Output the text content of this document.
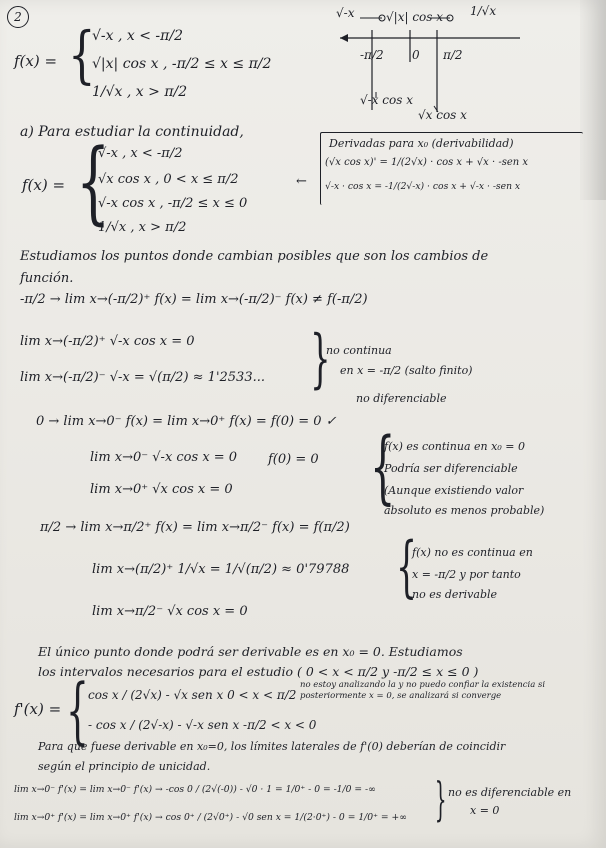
2
f(x) = {
√-x , x < -π/2
√|x| cos x , -π/2 ≤ x ≤ π/2
1/√x , x > π/2
√-x	√|x| cos x 1/√x
-π/2 0 π/2
√-x cos x
√x cos x
a) Para estudiar la continuidad,
f(x) = {
√-x , x < -π/2
√x cos x , 0 < x ≤ π/2
√-x cos x , -π/2 ≤ x ≤ 0
1/√x , x > π/2
Derivadas para x₀ (derivabilidad)
(√x cos x)' = 1/(2√x) · cos x + √x · -sen x
√-x · cos x = -1/(2√-x) · cos x + √-x · -sen x
←
Estudiamos los puntos donde cambian posibles que son los cambios de función.
-π/2 → lim x→(-π/2)⁺ f(x) = lim x→(-π/2)⁻ f(x) ≠ f(-π/2)
lim x→(-π/2)⁺ √-x cos x = 0
lim x→(-π/2)⁻ √-x = √(π/2) ≈ 1'2533... {
no continua
en x = -π/2 (salto finito)
no diferenciable
0 → lim x→0⁻ f(x) = lim x→0⁺ f(x) = f(0) = 0 ✓
lim x→0⁻ √-x cos x = 0 f(0) = 0
lim x→0⁺ √x cos x = 0 {
f(x) es continua en x₀ = 0
Podría ser diferenciable
(Aunque existiendo valor
absoluto es menos probable)
π/2 → lim x→π/2⁺ f(x) = lim x→π/2⁻ f(x) = f(π/2)
lim x→(π/2)⁺ 1/√x = 1/√(π/2) ≈ 0'79788
lim x→π/2⁻ √x cos x = 0
{
f(x) no es continua en
x = -π/2 y por tanto
no es derivable
El único punto donde podrá ser derivable es en x₀ = 0. Estudiamos
los intervalos necesarios para el estudio ( 0 < x < π/2 y -π/2 ≤ x ≤ 0 )
f'(x) = { cos x / (2√x) - √x sen x 0 < x < π/2
- cos x / (2√-x) - √-x sen x -π/2 < x < 0
no estoy analizando la y no puedo confiar la existencia si posteriormente x = 0, se analizará si converge
Para que fuese derivable en x₀=0, los límites laterales de f'(0) deberían de coincidir
según el principio de unicidad.
lim x→0⁻ f'(x) = lim x→0⁻ f'(x) → -cos 0 / (2√(-0)) - √0 · 1 = 1/0⁺ - 0 = -1/0 = -∞
lim x→0⁺ f'(x) = lim x→0⁺ f'(x) → cos 0⁺ / (2√0⁺) - √0 sen x = 1/(2·0⁺) - 0 = 1/0⁺ = +∞ { no es diferenciable en
x = 0
